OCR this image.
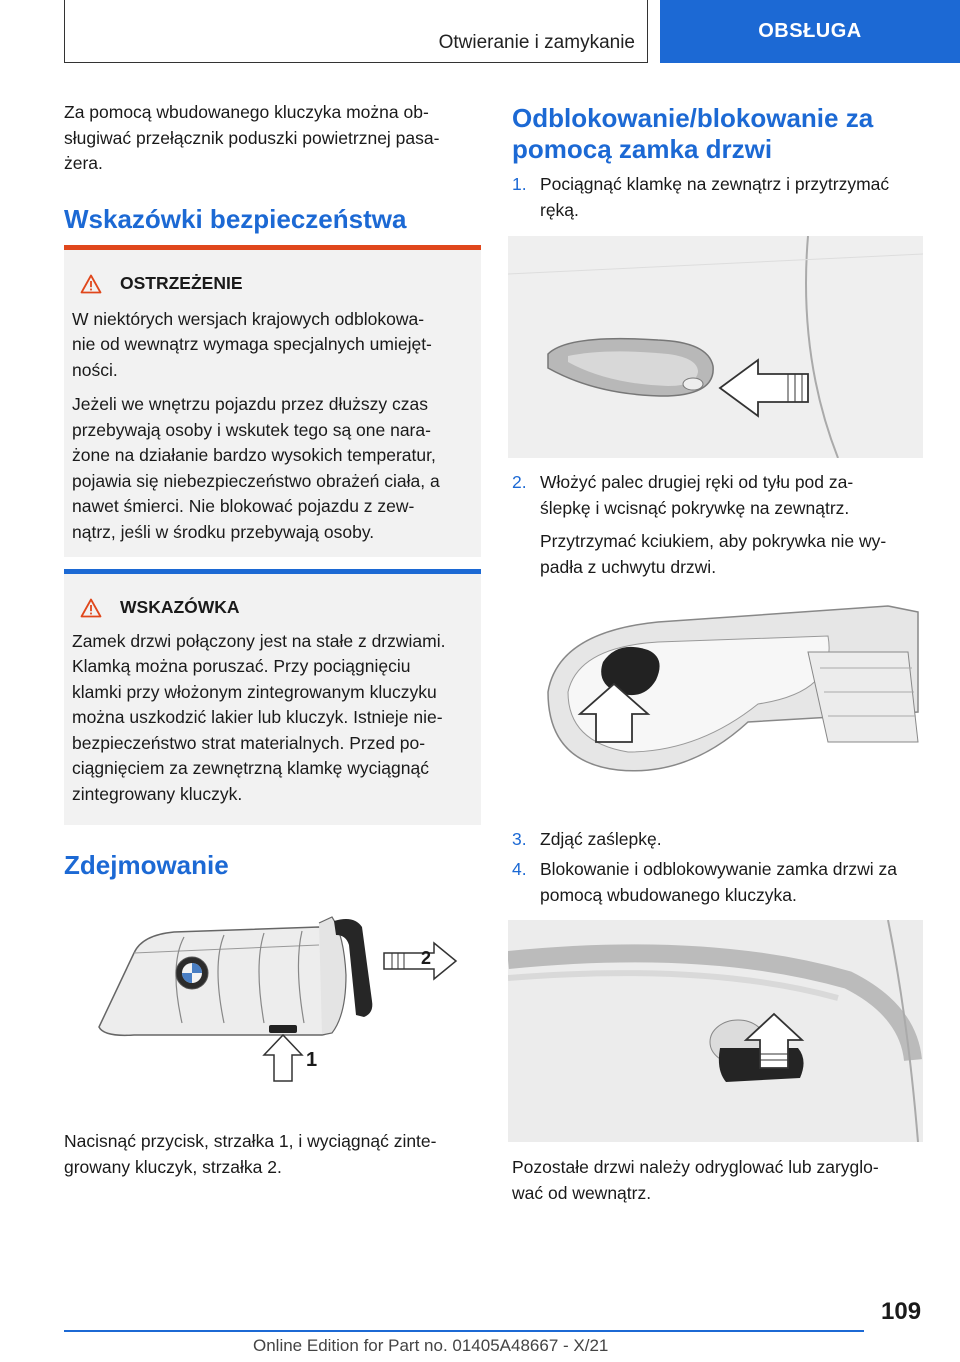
Otwieranie i zamykanie
OBSŁUGA
Za pomocą wbudowanego kluczyka można ob-
sługiwać przełącznik poduszki powietrznej pasa-
żera.
Wskazówki bezpieczeństwa
OSTRZEŻENIE

W niektórych wersjach krajowych odblokowa-
nie od wewnątrz wymaga specjalnych umiejęt-
ności.

Jeżeli we wnętrzu pojazdu przez dłuższy czas
przebywają osoby i wskutek tego są one nara-
żone na działanie bardzo wysokich temperatur,
pojawia się niebezpieczeństwo obrażeń ciała, a
nawet śmierci. Nie blokować pojazdu z zew-
nątrz, jeśli w środku przebywają osoby.

WSKAZÓWKA

Zamek drzwi połączony jest na stałe z drzwiami.
Klamką można poruszać. Przy pociągnięciu
klamki przy włożonym zintegrowanym kluczyku
można uszkodzić lakier lub kluczyk. Istnieje nie-
bezpieczeństwo strat materialnych. Przed po-
ciągnięciem za zewnętrzną klamkę wyciągnąć
zintegrowany kluczyk.

Zdejmowanie
2
1
Nacisnąć przycisk, strzałka 1, i wyciągnąć zinte-
growany kluczyk, strzałka 2.
Odblokowanie/blokowanie za
pomocą zamka drzwi
1. Pociągnąć klamkę na zewnątrz i przytrzymać
ręką.

2. Włożyć palec drugiej ręki od tyłu pod za-
ślepkę i wcisnąć pokrywkę na zewnątrz.

Przytrzymać kciukiem, aby pokrywka nie wy-
padła z uchwytu drzwi.

3. Zdjąć zaślepkę.

4. Blokowanie i odblokowywanie zamka drzwi za
pomocą wbudowanego kluczyka.

Pozostałe drzwi należy odryglować lub zaryglo-
wać od wewnątrz.
109
Online Edition for Part no. 01405A48667 - X/21
